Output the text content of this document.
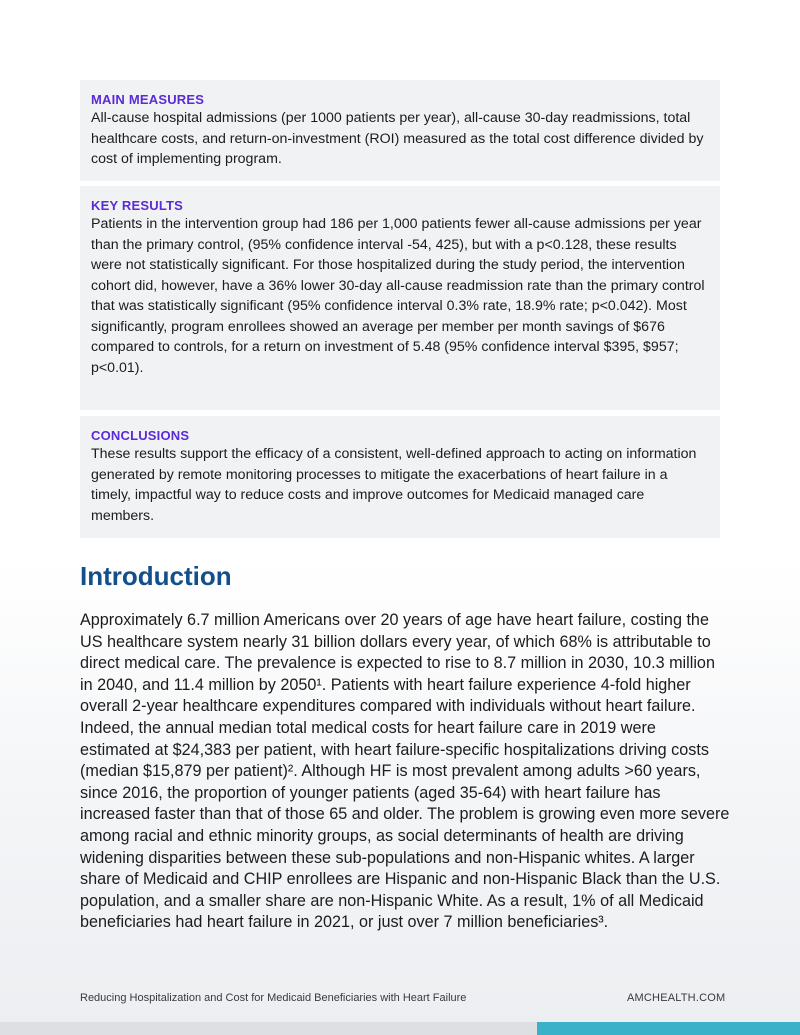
MAIN MEASURES
All-cause hospital admissions (per 1000 patients per year), all-cause 30-day readmissions, total healthcare costs, and return-on-investment (ROI) measured as the total cost difference divided by cost of implementing program.
KEY RESULTS
Patients in the intervention group had 186 per 1,000 patients fewer all-cause admissions per year than the primary control, (95% confidence interval -54, 425), but with a p<0.128, these results were not statistically significant. For those hospitalized during the study period, the intervention cohort did, however, have a 36% lower 30-day all-cause readmission rate than the primary control that was statistically significant (95% confidence interval 0.3% rate, 18.9% rate; p<0.042). Most significantly, program enrollees showed an average per member per month savings of $676 compared to controls, for a return on investment of 5.48 (95% confidence interval $395, $957; p<0.01).
CONCLUSIONS
These results support the efficacy of a consistent, well-defined approach to acting on information generated by remote monitoring processes to mitigate the exacerbations of heart failure in a timely, impactful way to reduce costs and improve outcomes for Medicaid managed care members.
Introduction
Approximately 6.7 million Americans over 20 years of age have heart failure, costing the US healthcare system nearly 31 billion dollars every year, of which 68% is attributable to direct medical care. The prevalence is expected to rise to 8.7 million in 2030, 10.3 million in 2040, and 11.4 million by 2050¹. Patients with heart failure experience 4-fold higher overall 2-year healthcare expenditures compared with individuals without heart failure. Indeed, the annual median total medical costs for heart failure care in 2019 were estimated at $24,383 per patient, with heart failure-specific hospitalizations driving costs (median $15,879 per patient)². Although HF is most prevalent among adults >60 years, since 2016, the proportion of younger patients (aged 35-64) with heart failure has increased faster than that of those 65 and older. The problem is growing even more severe among racial and ethnic minority groups, as social determinants of health are driving widening disparities between these sub-populations and non-Hispanic whites. A larger share of Medicaid and CHIP enrollees are Hispanic and non-Hispanic Black than the U.S. population, and a smaller share are non-Hispanic White. As a result, 1% of all Medicaid beneficiaries had heart failure in 2021, or just over 7 million beneficiaries³.
Reducing Hospitalization and Cost for Medicaid Beneficiaries with Heart Failure	AMCHEALTH.COM
